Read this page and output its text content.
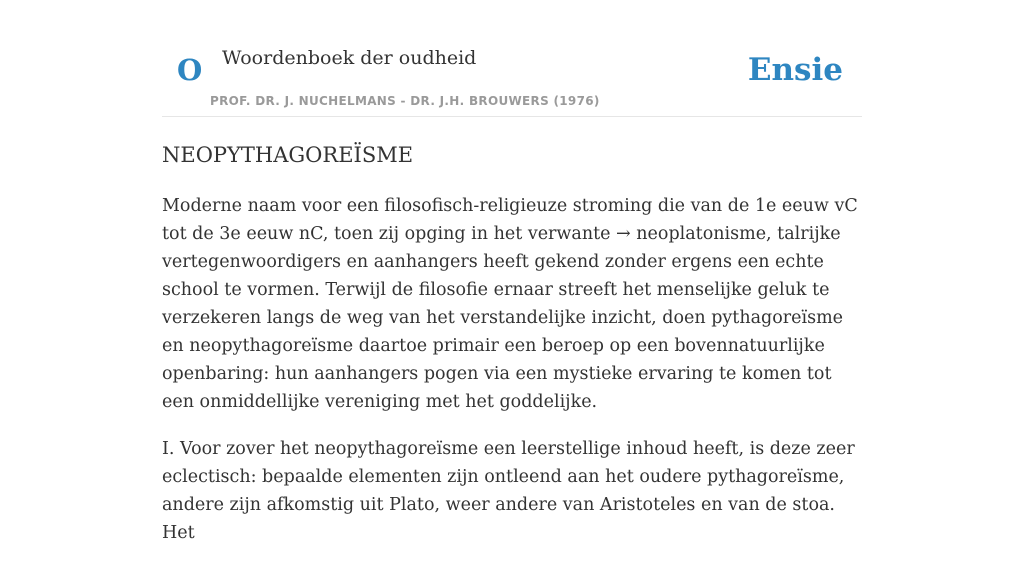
O Woordenboek der oudheid
PROF. DR. J. NUCHELMANS - DR. J.H. BROUWERS (1976)
Ensie
NEOPYTHAGOREÏSME

Moderne naam voor een filosofisch-religieuze stroming die van de 1e eeuw vC tot de 3e eeuw nC, toen zij opging in het verwante → neoplatonisme, talrijke vertegenwoordigers en aanhangers heeft gekend zonder ergens een echte school te vormen. Terwijl de filosofie ernaar streeft het menselijke geluk te verzekeren langs de weg van het verstandelijke inzicht, doen pythagoreïsme en neopythagoreïsme daartoe primair een beroep op een bovennatuurlijke openbaring: hun aanhangers pogen via een mystieke ervaring te komen tot een onmiddellijke vereniging met het goddelijke.

I. Voor zover het neopythagoreïsme een leerstellige inhoud heeft, is deze zeer eclectisch: bepaalde elementen zijn ontleend aan het oudere pythagoreïsme, andere zijn afkomstig uit Plato, weer andere van Aristoteles en van de stoa. Het
